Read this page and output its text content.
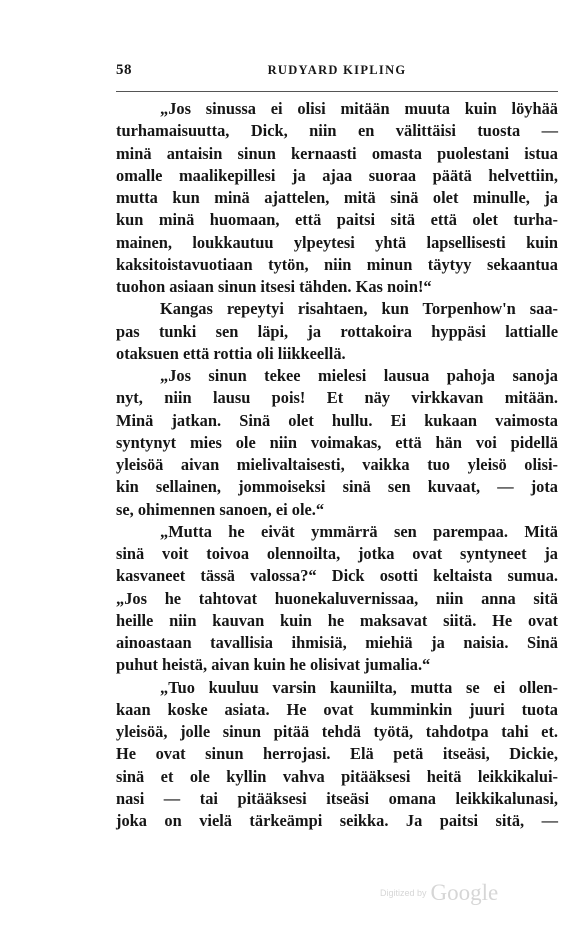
58	RUDYARD KIPLING
„Jos sinussa ei olisi mitään muuta kuin löyhää
turhamaisuutta, Dick, niin en välittäisi tuosta —
minä antaisin sinun kernaasti omasta puolestani istua
omalle maalikepillesi ja ajaa suoraa päätä helvettiin,
mutta kun minä ajattelen, mitä sinä olet minulle, ja
kun minä huomaan, että paitsi sitä että olet turha-
mainen, loukkautuu ylpeytesi yhtä lapsellisesti kuin
kaksitoistavuotiaan tytön, niin minun täytyy sekaantua
tuohon asiaan sinun itsesi tähden. Kas noin!“
Kangas repeytyi risahtaen, kun Torpenhow'n saa-
pas tunki sen läpi, ja rottakoira hyppäsi lattialle
otaksuen että rottia oli liikkeellä.
„Jos sinun tekee mielesi lausua pahoja sanoja
nyt, niin lausu pois! Et näy virkkavan mitään.
Minä jatkan. Sinä olet hullu. Ei kukaan vaimosta
syntynyt mies ole niin voimakas, että hän voi pidellä
yleisöä aivan mielivaltaisesti, vaikka tuo yleisö olisi-
kin sellainen, jommoiseksi sinä sen kuvaat, — jota
se, ohimennen sanoen, ei ole.“
„Mutta he eivät ymmärrä sen parempaa. Mitä
sinä voit toivoa olennoilta, jotka ovat syntyneet ja
kasvaneet tässä valossa?“ Dick osotti keltaista sumua.
„Jos he tahtovat huonekaluvernissaa, niin anna sitä
heille niin kauvan kuin he maksavat siitä. He ovat
ainoastaan tavallisia ihmisiä, miehiä ja naisia. Sinä
puhut heistä, aivan kuin he olisivat jumalia.“
„Tuo kuuluu varsin kauniilta, mutta se ei ollen-
kaan koske asiata. He ovat kumminkin juuri tuota
yleisöä, jolle sinun pitää tehdä työtä, tahdotpa tahi et.
He ovat sinun herrojasi. Elä petä itseäsi, Dickie,
sinä et ole kyllin vahva pitääksesi heitä leikkikalui-
nasi — tai pitääksesi itseäsi omana leikkikalunasi,
joka on vielä tärkeämpi seikka. Ja paitsi sitä, —
Digitized by Google
